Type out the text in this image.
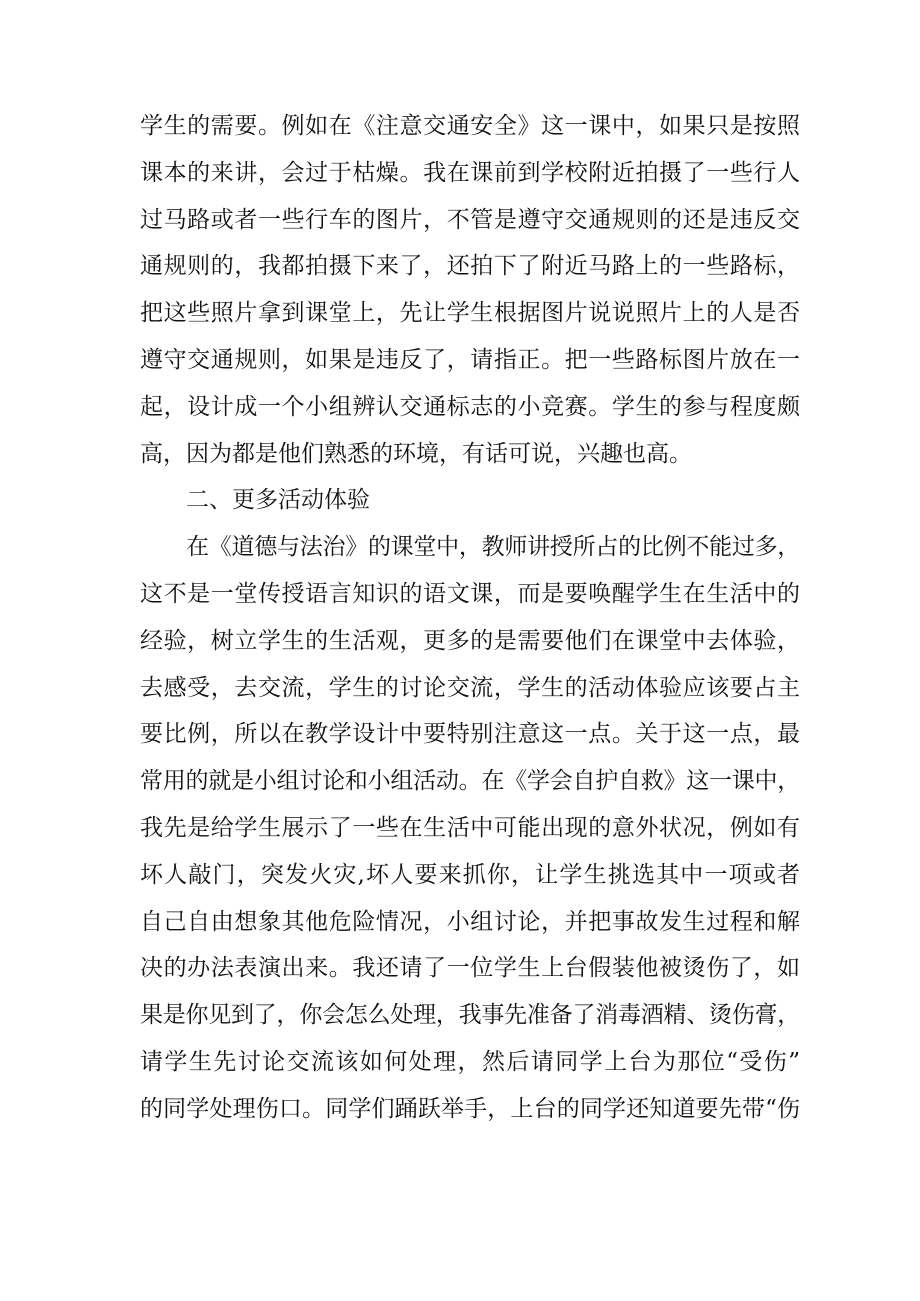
学生的需要。例如在《注意交通安全》这一课中，如果只是按照
课本的来讲，会过于枯燥。我在课前到学校附近拍摄了一些行人
过马路或者一些行车的图片，不管是遵守交通规则的还是违反交
通规则的，我都拍摄下来了，还拍下了附近马路上的一些路标，
把这些照片拿到课堂上，先让学生根据图片说说照片上的人是否
遵守交通规则，如果是违反了，请指正。把一些路标图片放在一
起，设计成一个小组辨认交通标志的小竞赛。学生的参与程度颇
高，因为都是他们熟悉的环境，有话可说，兴趣也高。
二、更多活动体验
在《道德与法治》的课堂中，教师讲授所占的比例不能过多，
这不是一堂传授语言知识的语文课，而是要唤醒学生在生活中的
经验，树立学生的生活观，更多的是需要他们在课堂中去体验，
去感受，去交流，学生的讨论交流，学生的活动体验应该要占主
要比例，所以在教学设计中要特别注意这一点。关于这一点，最
常用的就是小组讨论和小组活动。在《学会自护自救》这一课中，
我先是给学生展示了一些在生活中可能出现的意外状况，例如有
坏人敲门，突发火灾,坏人要来抓你，让学生挑选其中一项或者
自己自由想象其他危险情况，小组讨论，并把事故发生过程和解
决的办法表演出来。我还请了一位学生上台假装他被烫伤了，如
果是你见到了，你会怎么处理，我事先准备了消毒酒精、烫伤膏，
请学生先讨论交流该如何处理，然后请同学上台为那位“受伤”
的同学处理伤口。同学们踊跃举手，上台的同学还知道要先带“伤
